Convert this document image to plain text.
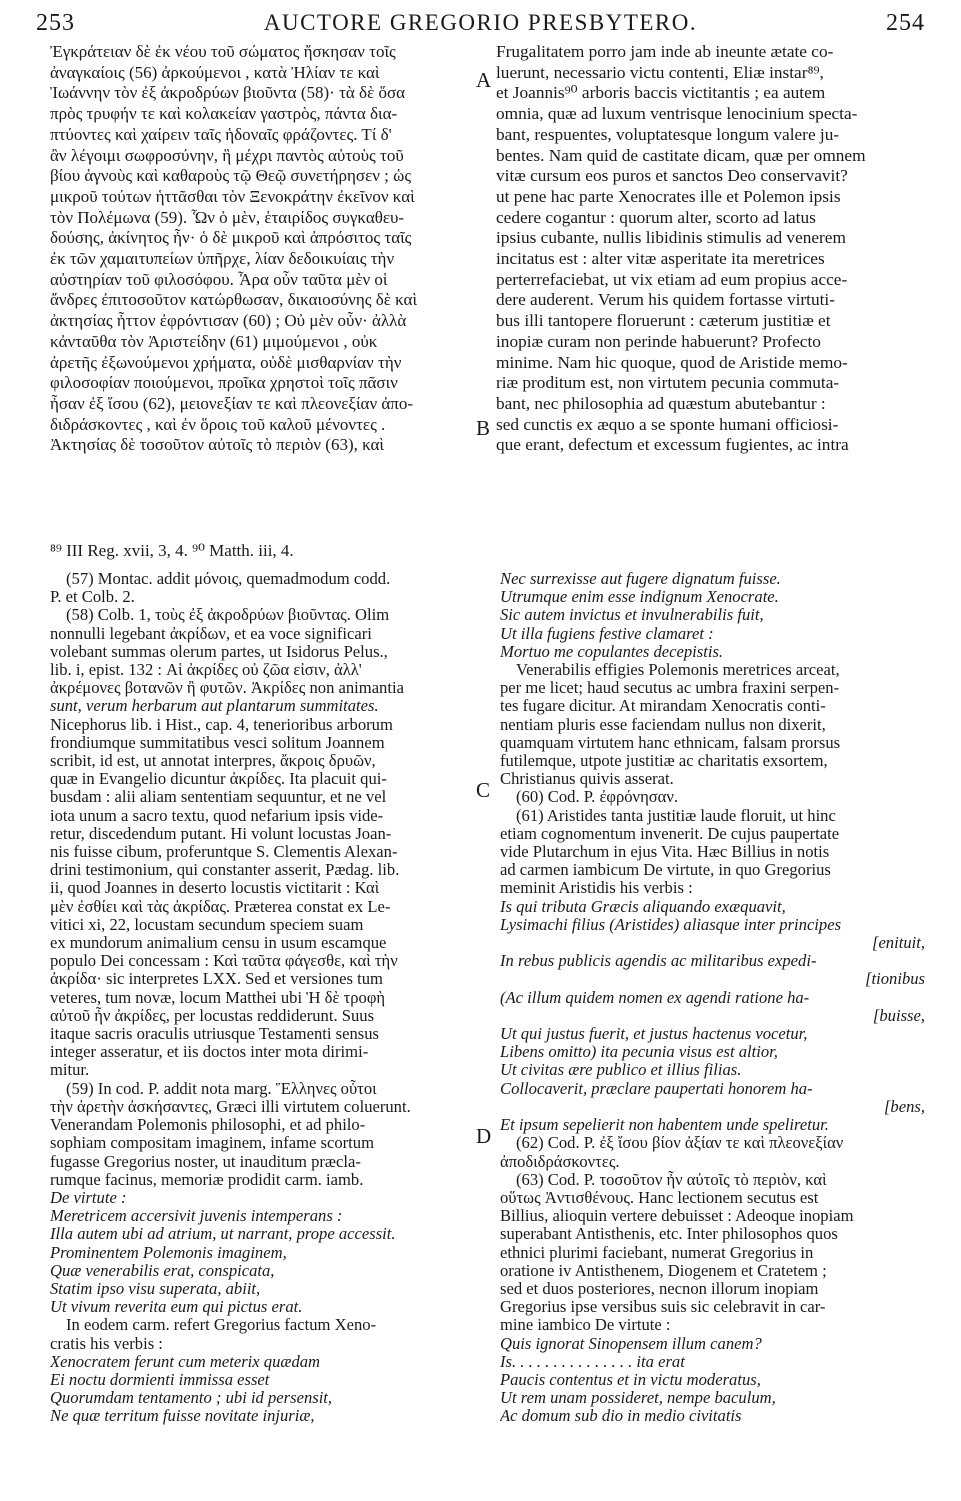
253	AUCTORE GREGORIO PRESBYTERO.	254
A
B
C
D
Ἐγκράτειαν δὲ ἐκ νέου τοῦ σώματος ἤσκησαν τοῖς
ἀναγκαίοις (56) ἀρκούμενοι , κατὰ Ἠλίαν τε καὶ
Ἰωάννην τὸν ἐξ ἀκροδρύων βιοῦντα (58)· τὰ δὲ ὅσα
πρὸς τρυφήν τε καὶ κολακείαν γαστρὸς, πάντα δια-
πτύοντες καὶ χαίρειν ταῖς ἡδοναῖς φράζοντες. Τί δ'
ἂν λέγοιμι σωφροσύνην, ἣ μέχρι παντὸς αὐτοὺς τοῦ
βίου ἁγνοὺς καὶ καθαροὺς τῷ Θεῷ συνετήρησεν ; ὡς
μικροῦ τούτων ἡττᾶσθαι τὸν Ξενοκράτην ἐκεῖνον καὶ
τὸν Πολέμωνα (59). Ὧν ὁ μὲν, ἑταιρίδος συγκαθευ-
δούσης, ἀκίνητος ἦν· ὁ δὲ μικροῦ καὶ ἀπρόσιτος ταῖς
ἐκ τῶν χαμαιτυπείων ὑπῆρχε, λίαν δεδοικυίαις τὴν
αὐστηρίαν τοῦ φιλοσόφου. Ἆρα οὖν ταῦτα μὲν οἱ
ἄνδρες ἐπιτοσοῦτον κατώρθωσαν, δικαιοσύνης δὲ καὶ
ἀκτησίας ἧττον ἐφρόντισαν (60) ; Οὐ μὲν οὖν· ἀλλὰ
κἀνταῦθα τὸν Ἀριστείδην (61) μιμούμενοι , οὐκ
ἀρετῆς ἐξωνούμενοι χρήματα, οὐδὲ μισθαρνίαν τὴν
φιλοσοφίαν ποιούμενοι, προῖκα χρηστοὶ τοῖς πᾶσιν
ἦσαν ἐξ ἴσου (62), μειονεξίαν τε καὶ πλεονεξίαν ἀπο-
διδράσκοντες , καὶ ἐν ὅροις τοῦ καλοῦ μένοντες .
Ἀκτησίας δὲ τοσοῦτον αὐτοῖς τὸ περιὸν (63), καὶ
Frugalitatem porro jam inde ab ineunte ætate co-
luerunt, necessario victu contenti, Eliæ instar⁸⁹,
et Joannis⁹⁰ arboris baccis victitantis ; ea autem
omnia, quæ ad luxum ventrisque lenocinium specta-
bant, respuentes, voluptatesque longum valere ju-
bentes. Nam quid de castitate dicam, quæ per omnem
vitæ cursum eos puros et sanctos Deo conservavit?
ut pene hac parte Xenocrates ille et Polemon ipsis
cedere cogantur : quorum alter, scorto ad latus
ipsius cubante, nullis libidinis stimulis ad venerem
incitatus est : alter vitæ asperitate ita meretrices
perterrefaciebat, ut vix etiam ad eum propius acce-
dere auderent. Verum his quidem fortasse virtuti-
bus illi tantopere floruerunt : cæterum justitiæ et
inopiæ curam non perinde habuerunt? Profecto
minime. Nam hic quoque, quod de Aristide memo-
riæ proditum est, non virtutem pecunia commuta-
bant, nec philosophia ad quæstum abutebantur :
sed cunctis ex æquo a se sponte humani officiosi-
que erant, defectum et excessum fugientes, ac intra
⁸⁹ III Reg. xvii, 3, 4. ⁹⁰ Matth. iii, 4.
(57) Montac. addit μόνοις, quemadmodum codd.
P. et Colb. 2.
(58) Colb. 1, τοὺς ἐξ ἀκροδρύων βιοῦντας. Olim
nonnulli legebant ἀκρίδων, et ea voce significari
volebant summas olerum partes, ut Isidorus Pelus.,
lib. i, epist. 132 : Αἱ ἀκρίδες οὐ ζῶα εἰσιν, ἀλλ'
ἀκρέμονες βοτανῶν ἢ φυτῶν. Ἀκρίδες non animantia
sunt, verum herbarum aut plantarum summitates.
Nicephorus lib. i Hist., cap. 4, tenerioribus arborum
frondiumque summitatibus vesci solitum Joannem
scribit, id est, ut annotat interpres, ἄκροις δρυῶν,
quæ in Evangelio dicuntur ἀκρίδες. Ita placuit qui-
busdam : alii aliam sententiam sequuntur, et ne vel
iota unum a sacro textu, quod nefarium ipsis vide-
retur, discedendum putant. Hi volunt locustas Joan-
nis fuisse cibum, proferuntque S. Clementis Alexan-
drini testimonium, qui constanter asserit, Pædag. lib.
ii, quod Joannes in deserto locustis victitarit : Καὶ
μὲν ἐσθίει καὶ τὰς ἀκρίδας. Præterea constat ex Le-
vitici xi, 22, locustam secundum speciem suam
ex mundorum animalium censu in usum escamque
populo Dei concessam : Καὶ ταῦτα φάγεσθε, καὶ τὴν
ἀκρίδα· sic interpretes LXX. Sed et versiones tum
veteres, tum novæ, locum Matthei ubi Ἡ δὲ τροφὴ
αὐτοῦ ἦν ἀκρίδες, per locustas reddiderunt. Suus
itaque sacris oraculis utriusque Testamenti sensus
integer asseratur, et iis doctos inter mota dirimi-
mitur.
(59) In cod. P. addit nota marg. Ἕλληνες οὗτοι
τὴν ἀρετὴν ἀσκήσαντες, Græci illi virtutem coluerunt.
Venerandam Polemonis philosophi, et ad philo-
sophiam compositam imaginem, infame scortum
fugasse Gregorius noster, ut inauditum præcla-
rumque facinus, memoriæ prodidit carm. iamb.
De virtute :
Meretricem accersivit juvenis intemperans :
Illa autem ubi ad atrium, ut narrant, prope accessit.
Prominentem Polemonis imaginem,
Quæ venerabilis erat, conspicata,
Statim ipso visu superata, abiit,
Ut vivum reverita eum qui pictus erat.
In eodem carm. refert Gregorius factum Xeno-
cratis his verbis :
Xenocratem ferunt cum meterix quædam
Ei noctu dormienti immissa esset
Quorumdam tentamento ; ubi id persensit,
Ne quæ territum fuisse novitate injuriæ,
Nec surrexisse aut fugere dignatum fuisse.
Utrumque enim esse indignum Xenocrate.
Sic autem invictus et invulnerabilis fuit,
Ut illa fugiens festive clamaret :
Mortuo me copulantes decepistis.
Venerabilis effigies Polemonis meretrices arceat,
per me licet; haud secutus ac umbra fraxini serpen-
tes fugare dicitur. At mirandam Xenocratis conti-
nentiam pluris esse faciendam nullus non dixerit,
quamquam virtutem hanc ethnicam, falsam prorsus
futilemque, utpote justitiæ ac charitatis exsortem,
Christianus quivis asserat.
(60) Cod. P. ἐφρόνησαν.
(61) Aristides tanta justitiæ laude floruit, ut hinc
etiam cognomentum invenerit. De cujus paupertate
vide Plutarchum in ejus Vita. Hæc Billius in notis
ad carmen iambicum De virtute, in quo Gregorius
meminit Aristidis his verbis :
Is qui tributa Græcis aliquando exæquavit,
Lysimachi filius (Aristides) aliasque inter principes
[enituit,
In rebus publicis agendis ac militaribus expedi-
[tionibus
(Ac illum quidem nomen ex agendi ratione ha-
[buisse,
Ut qui justus fuerit, et justus hactenus vocetur,
Libens omitto) ita pecunia visus est altior,
Ut civitas ære publico et illius filias.
Collocaverit, præclare paupertati honorem ha-
[bens,
Et ipsum sepelierit non habentem unde speliretur.
(62) Cod. P. ἐξ ἴσου βίον ἀξίαν τε καὶ πλεονεξίαν
ἀποδιδράσκοντες.
(63) Cod. P. τοσοῦτον ἦν αὐτοῖς τὸ περιὸν, καὶ
οὕτως Ἀντισθένους. Hanc lectionem secutus est
Billius, alioquin vertere debuisset : Adeoque inopiam
superabant Antisthenis, etc. Inter philosophos quos
ethnici plurimi faciebant, numerat Gregorius in
oratione iv Antisthenem, Diogenem et Cratetem ;
sed et duos posteriores, necnon illorum inopiam
Gregorius ipse versibus suis sic celebravit in car-
mine iambico De virtute :
Quis ignorat Sinopensem illum canem?
Is. . . . . . . . . . . . . . . ita erat
Paucis contentus et in victu moderatus,
Ut rem unam possideret, nempe baculum,
Ac domum sub dio in medio civitatis
